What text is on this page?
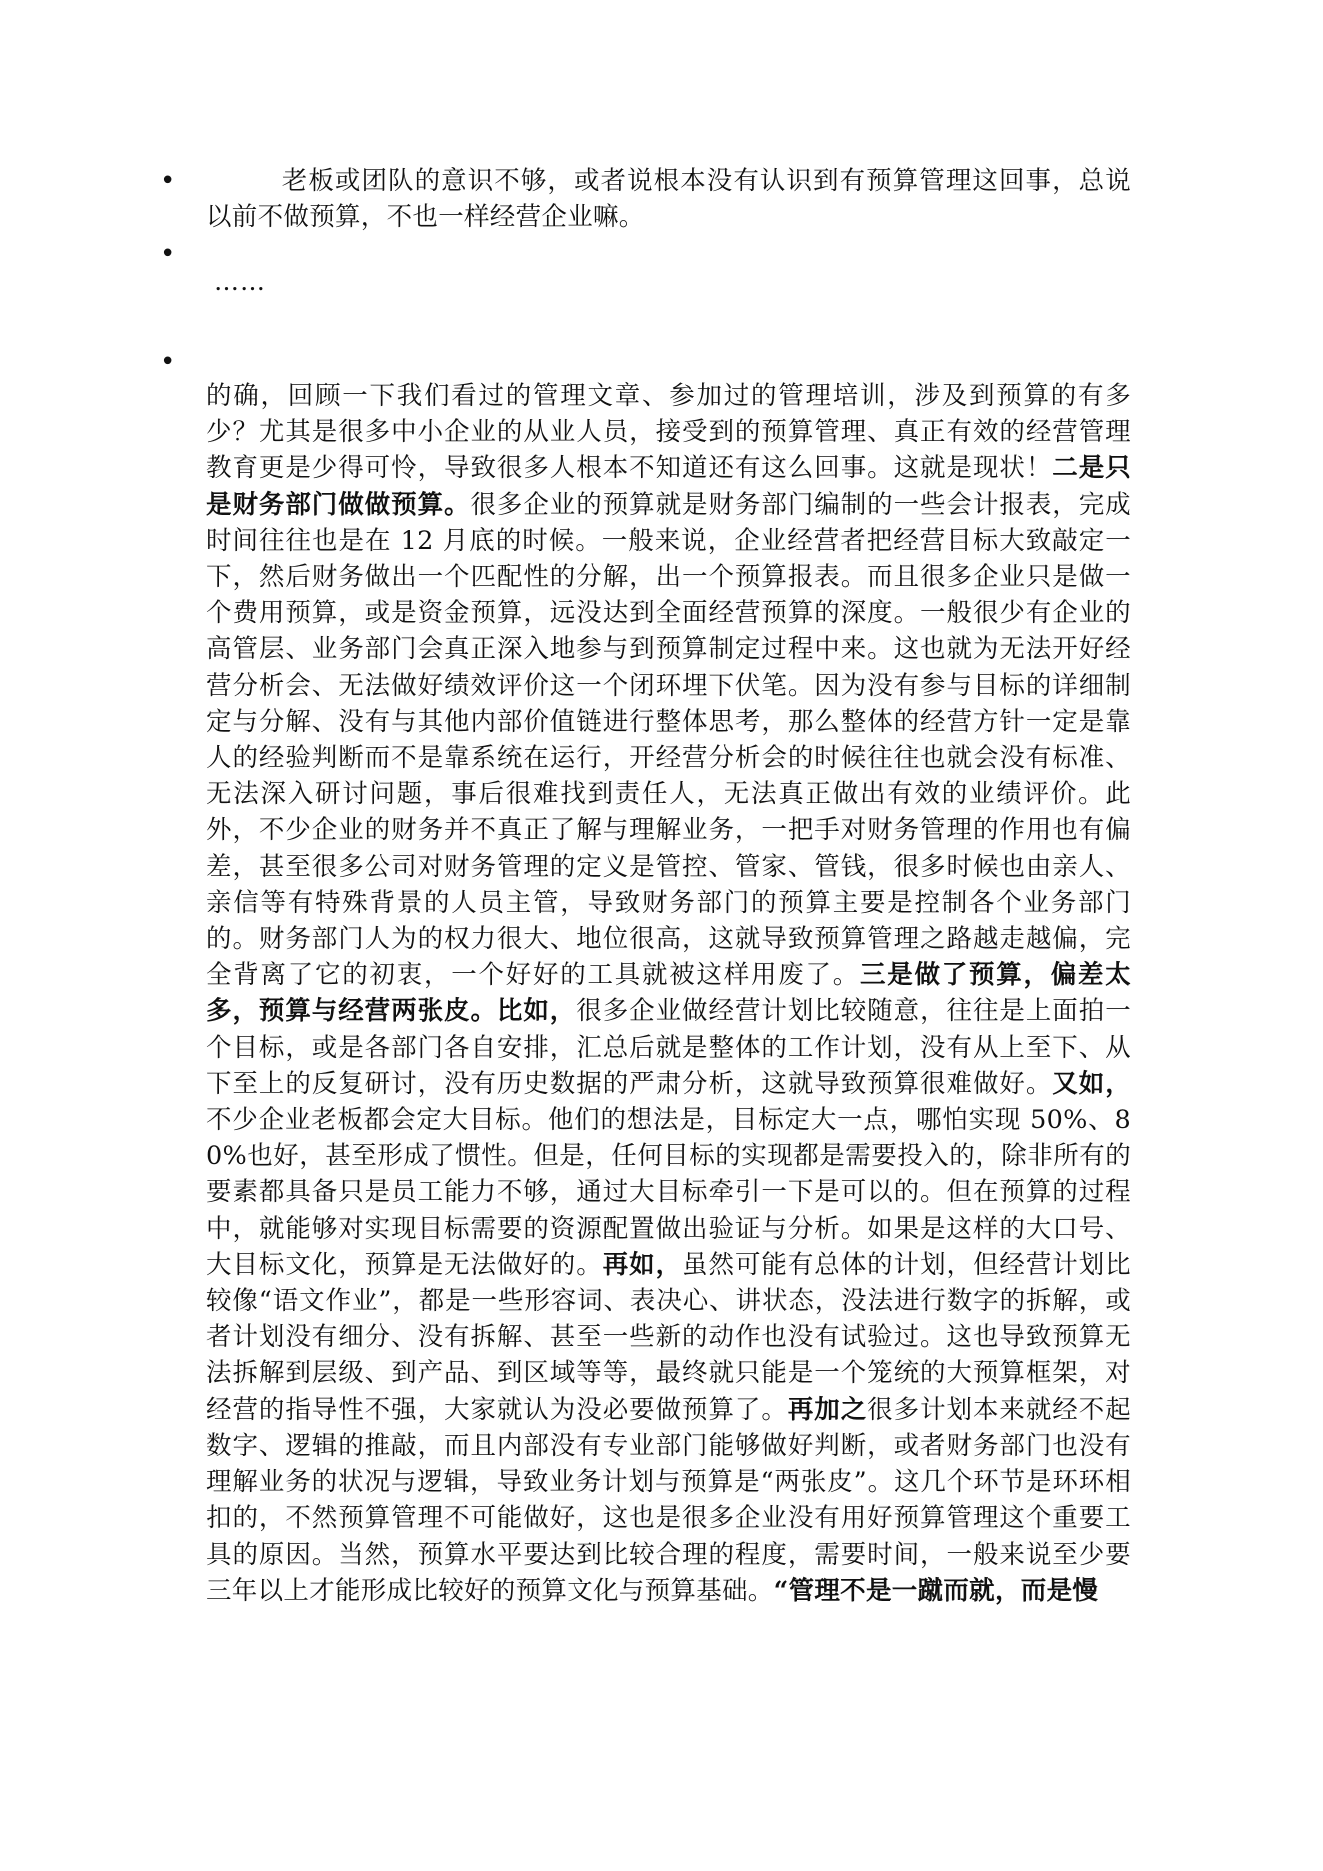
•	老板或团队的意识不够，或者说根本没有认识到有预算管理这回事，总说以前不做预算，不也一样经营企业嘛。
•
……
•
的确，回顾一下我们看过的管理文章、参加过的管理培训，涉及到预算的有多少？尤其是很多中小企业的从业人员，接受到的预算管理、真正有效的经营管理教育更是少得可怜，导致很多人根本不知道还有这么回事。这就是现状！二是只是财务部门做做预算。很多企业的预算就是财务部门编制的一些会计报表，完成时间往往也是在 12 月底的时候。一般来说，企业经营者把经营目标大致敲定一下，然后财务做出一个匹配性的分解，出一个预算报表。而且很多企业只是做一个费用预算，或是资金预算，远没达到全面经营预算的深度。一般很少有企业的高管层、业务部门会真正深入地参与到预算制定过程中来。这也就为无法开好经营分析会、无法做好绩效评价这一个闭环埋下伏笔。因为没有参与目标的详细制定与分解、没有与其他内部价值链进行整体思考，那么整体的经营方针一定是靠人的经验判断而不是靠系统在运行，开经营分析会的时候往往也就会没有标准、无法深入研讨问题，事后很难找到责任人，无法真正做出有效的业绩评价。此外，不少企业的财务并不真正了解与理解业务，一把手对财务管理的作用也有偏差，甚至很多公司对财务管理的定义是管控、管家、管钱，很多时候也由亲人、亲信等有特殊背景的人员主管，导致财务部门的预算主要是控制各个业务部门的。财务部门人为的权力很大、地位很高，这就导致预算管理之路越走越偏，完全背离了它的初衷，一个好好的工具就被这样用废了。三是做了预算，偏差太多，预算与经营两张皮。比如，很多企业做经营计划比较随意，往往是上面拍一个目标，或是各部门各自安排，汇总后就是整体的工作计划，没有从上至下、从下至上的反复研讨，没有历史数据的严肃分析，这就导致预算很难做好。又如，不少企业老板都会定大目标。他们的想法是，目标定大一点，哪怕实现 50%、80%也好，甚至形成了惯性。但是，任何目标的实现都是需要投入的，除非所有的要素都具备只是员工能力不够，通过大目标牵引一下是可以的。但在预算的过程中，就能够对实现目标需要的资源配置做出验证与分析。如果是这样的大口号、大目标文化，预算是无法做好的。再如，虽然可能有总体的计划，但经营计划比较像“语文作业”，都是一些形容词、表决心、讲状态，没法进行数字的拆解，或者计划没有细分、没有拆解、甚至一些新的动作也没有试验过。这也导致预算无法拆解到层级、到产品、到区域等等，最终就只能是一个笼统的大预算框架，对经营的指导性不强，大家就认为没必要做预算了。再加之很多计划本来就经不起数字、逻辑的推敲，而且内部没有专业部门能够做好判断，或者财务部门也没有理解业务的状况与逻辑，导致业务计划与预算是“两张皮”。这几个环节是环环相扣的，不然预算管理不可能做好，这也是很多企业没有用好预算管理这个重要工具的原因。当然，预算水平要达到比较合理的程度，需要时间，一般来说至少要三年以上才能形成比较好的预算文化与预算基础。“管理不是一蹴而就，而是慢
